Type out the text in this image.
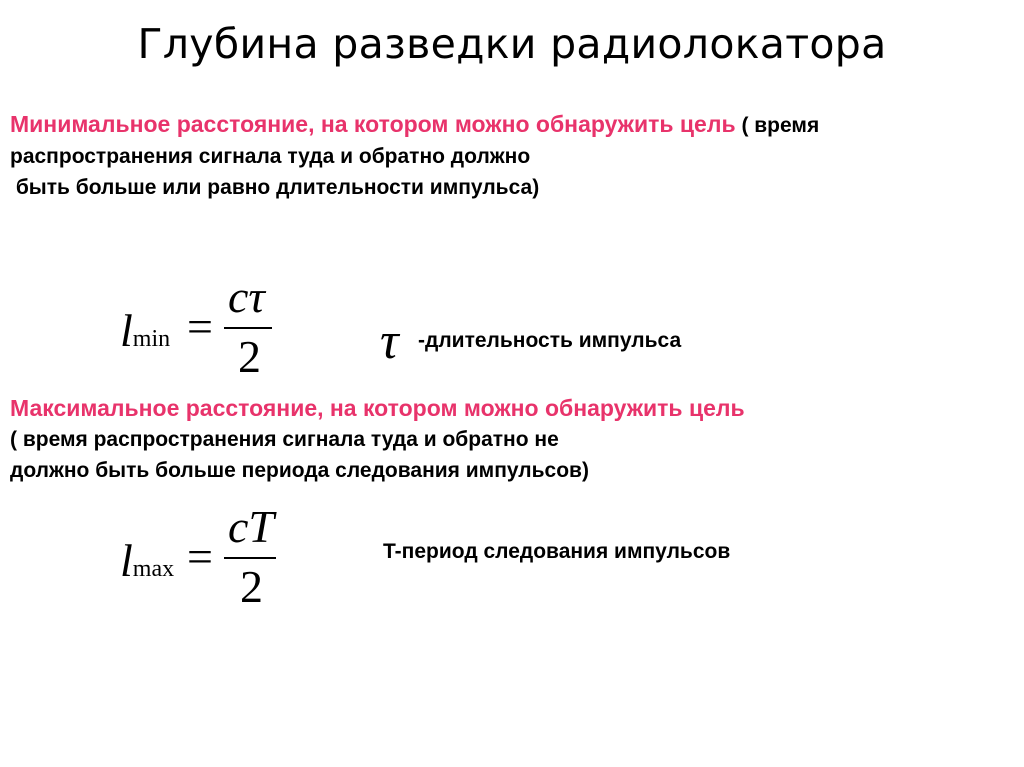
Глубина разведки радиолокатора
Минимальное расстояние, на котором можно обнаружить цель ( время
распространения сигнала туда и обратно должно
быть больше или равно длительности импульса)
lmin =
cτ
2 τ -длительность импульса
Максимальное расстояние, на котором можно обнаружить цель
( время распространения сигнала туда и обратно не
должно быть больше периода следования импульсов)
lmax =
cT
2
T-период следования импульсов
